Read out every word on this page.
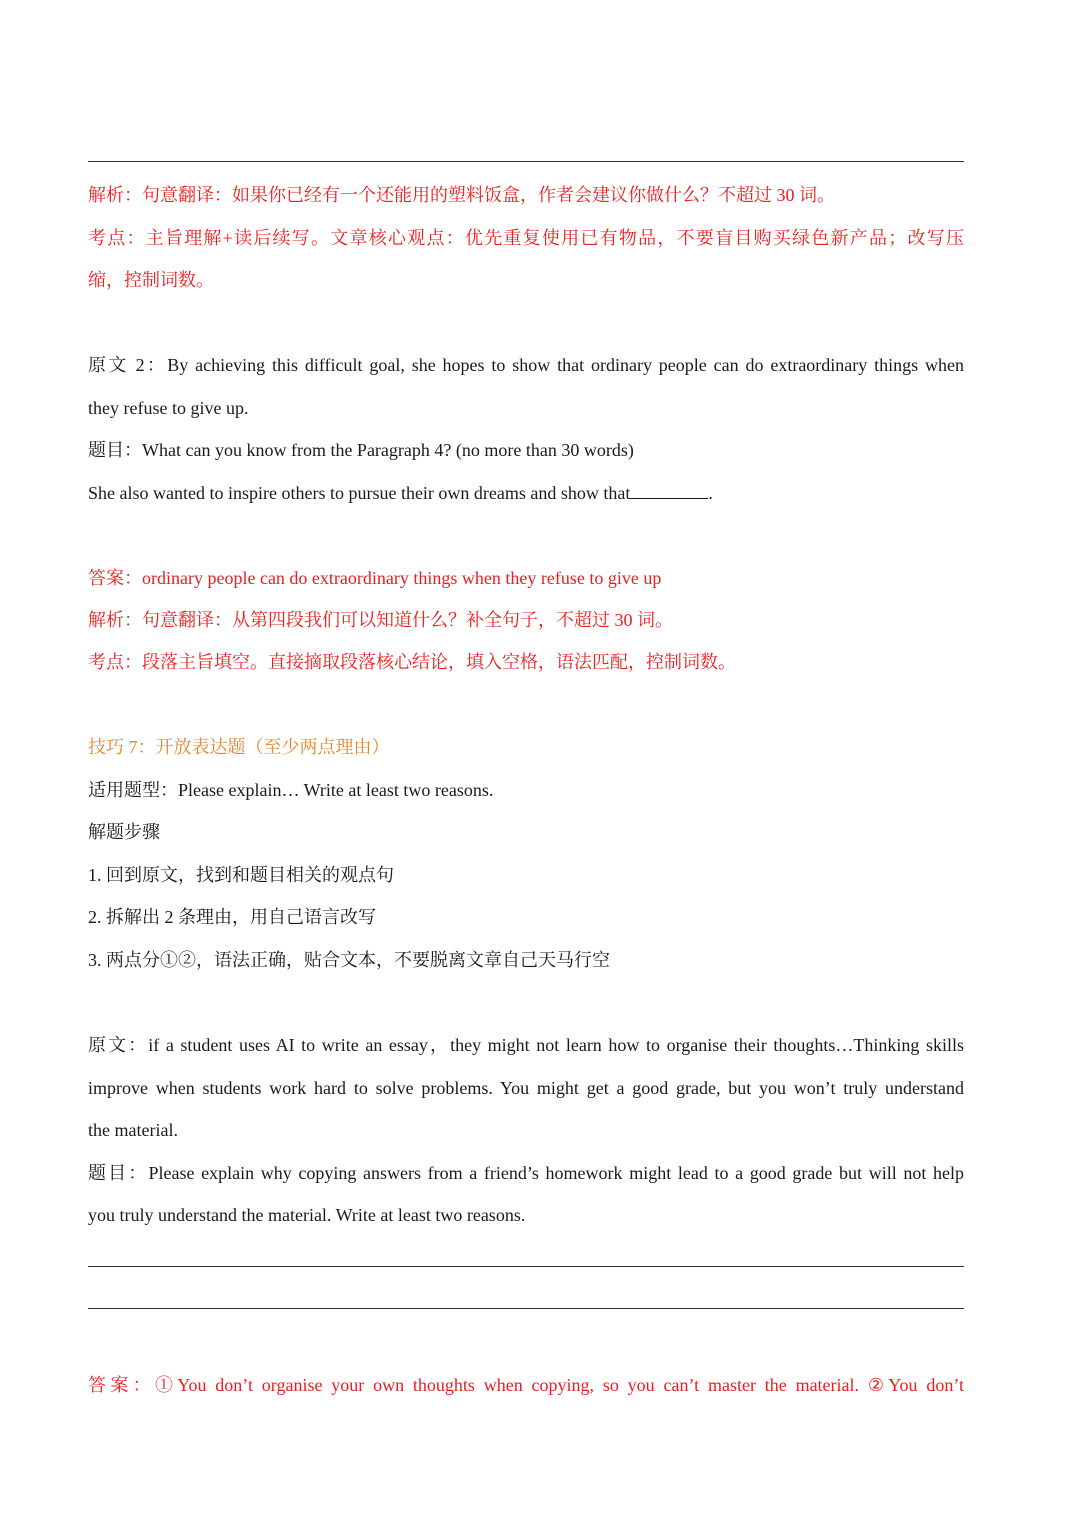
解析：句意翻译：如果你已经有一个还能用的塑料饭盒，作者会建议你做什么？不超过 30 词。
考点：主旨理解+读后续写。文章核心观点：优先重复使用已有物品，不要盲目购买绿色新产品；改写压
缩，控制词数。
原文 2：By achieving this difficult goal, she hopes to show that ordinary people can do extraordinary things when
they refuse to give up.
题目：What can you know from the Paragraph 4? (no more than 30 words)
She also wanted to inspire others to pursue their own dreams and show that	.
答案：ordinary people can do extraordinary things when they refuse to give up
解析：句意翻译：从第四段我们可以知道什么？补全句子，不超过 30 词。
考点：段落主旨填空。直接摘取段落核心结论，填入空格，语法匹配，控制词数。
技巧 7：开放表达题（至少两点理由）
适用题型：Please explain… Write at least two reasons.
解题步骤
1. 回到原文，找到和题目相关的观点句
2. 拆解出 2 条理由，用自己语言改写
3. 两点分①②，语法正确，贴合文本，不要脱离文章自己天马行空
原文：if a student uses AI to write an essay，they might not learn how to organise their thoughts…Thinking skills
improve when students work hard to solve problems. You might get a good grade, but you won’t truly understand
the material.
题目：Please explain why copying answers from a friend’s homework might lead to a good grade but will not help
you truly understand the material. Write at least two reasons.
答案：①You don’t organise your own thoughts when copying, so you can’t master the material. ②You don’t
